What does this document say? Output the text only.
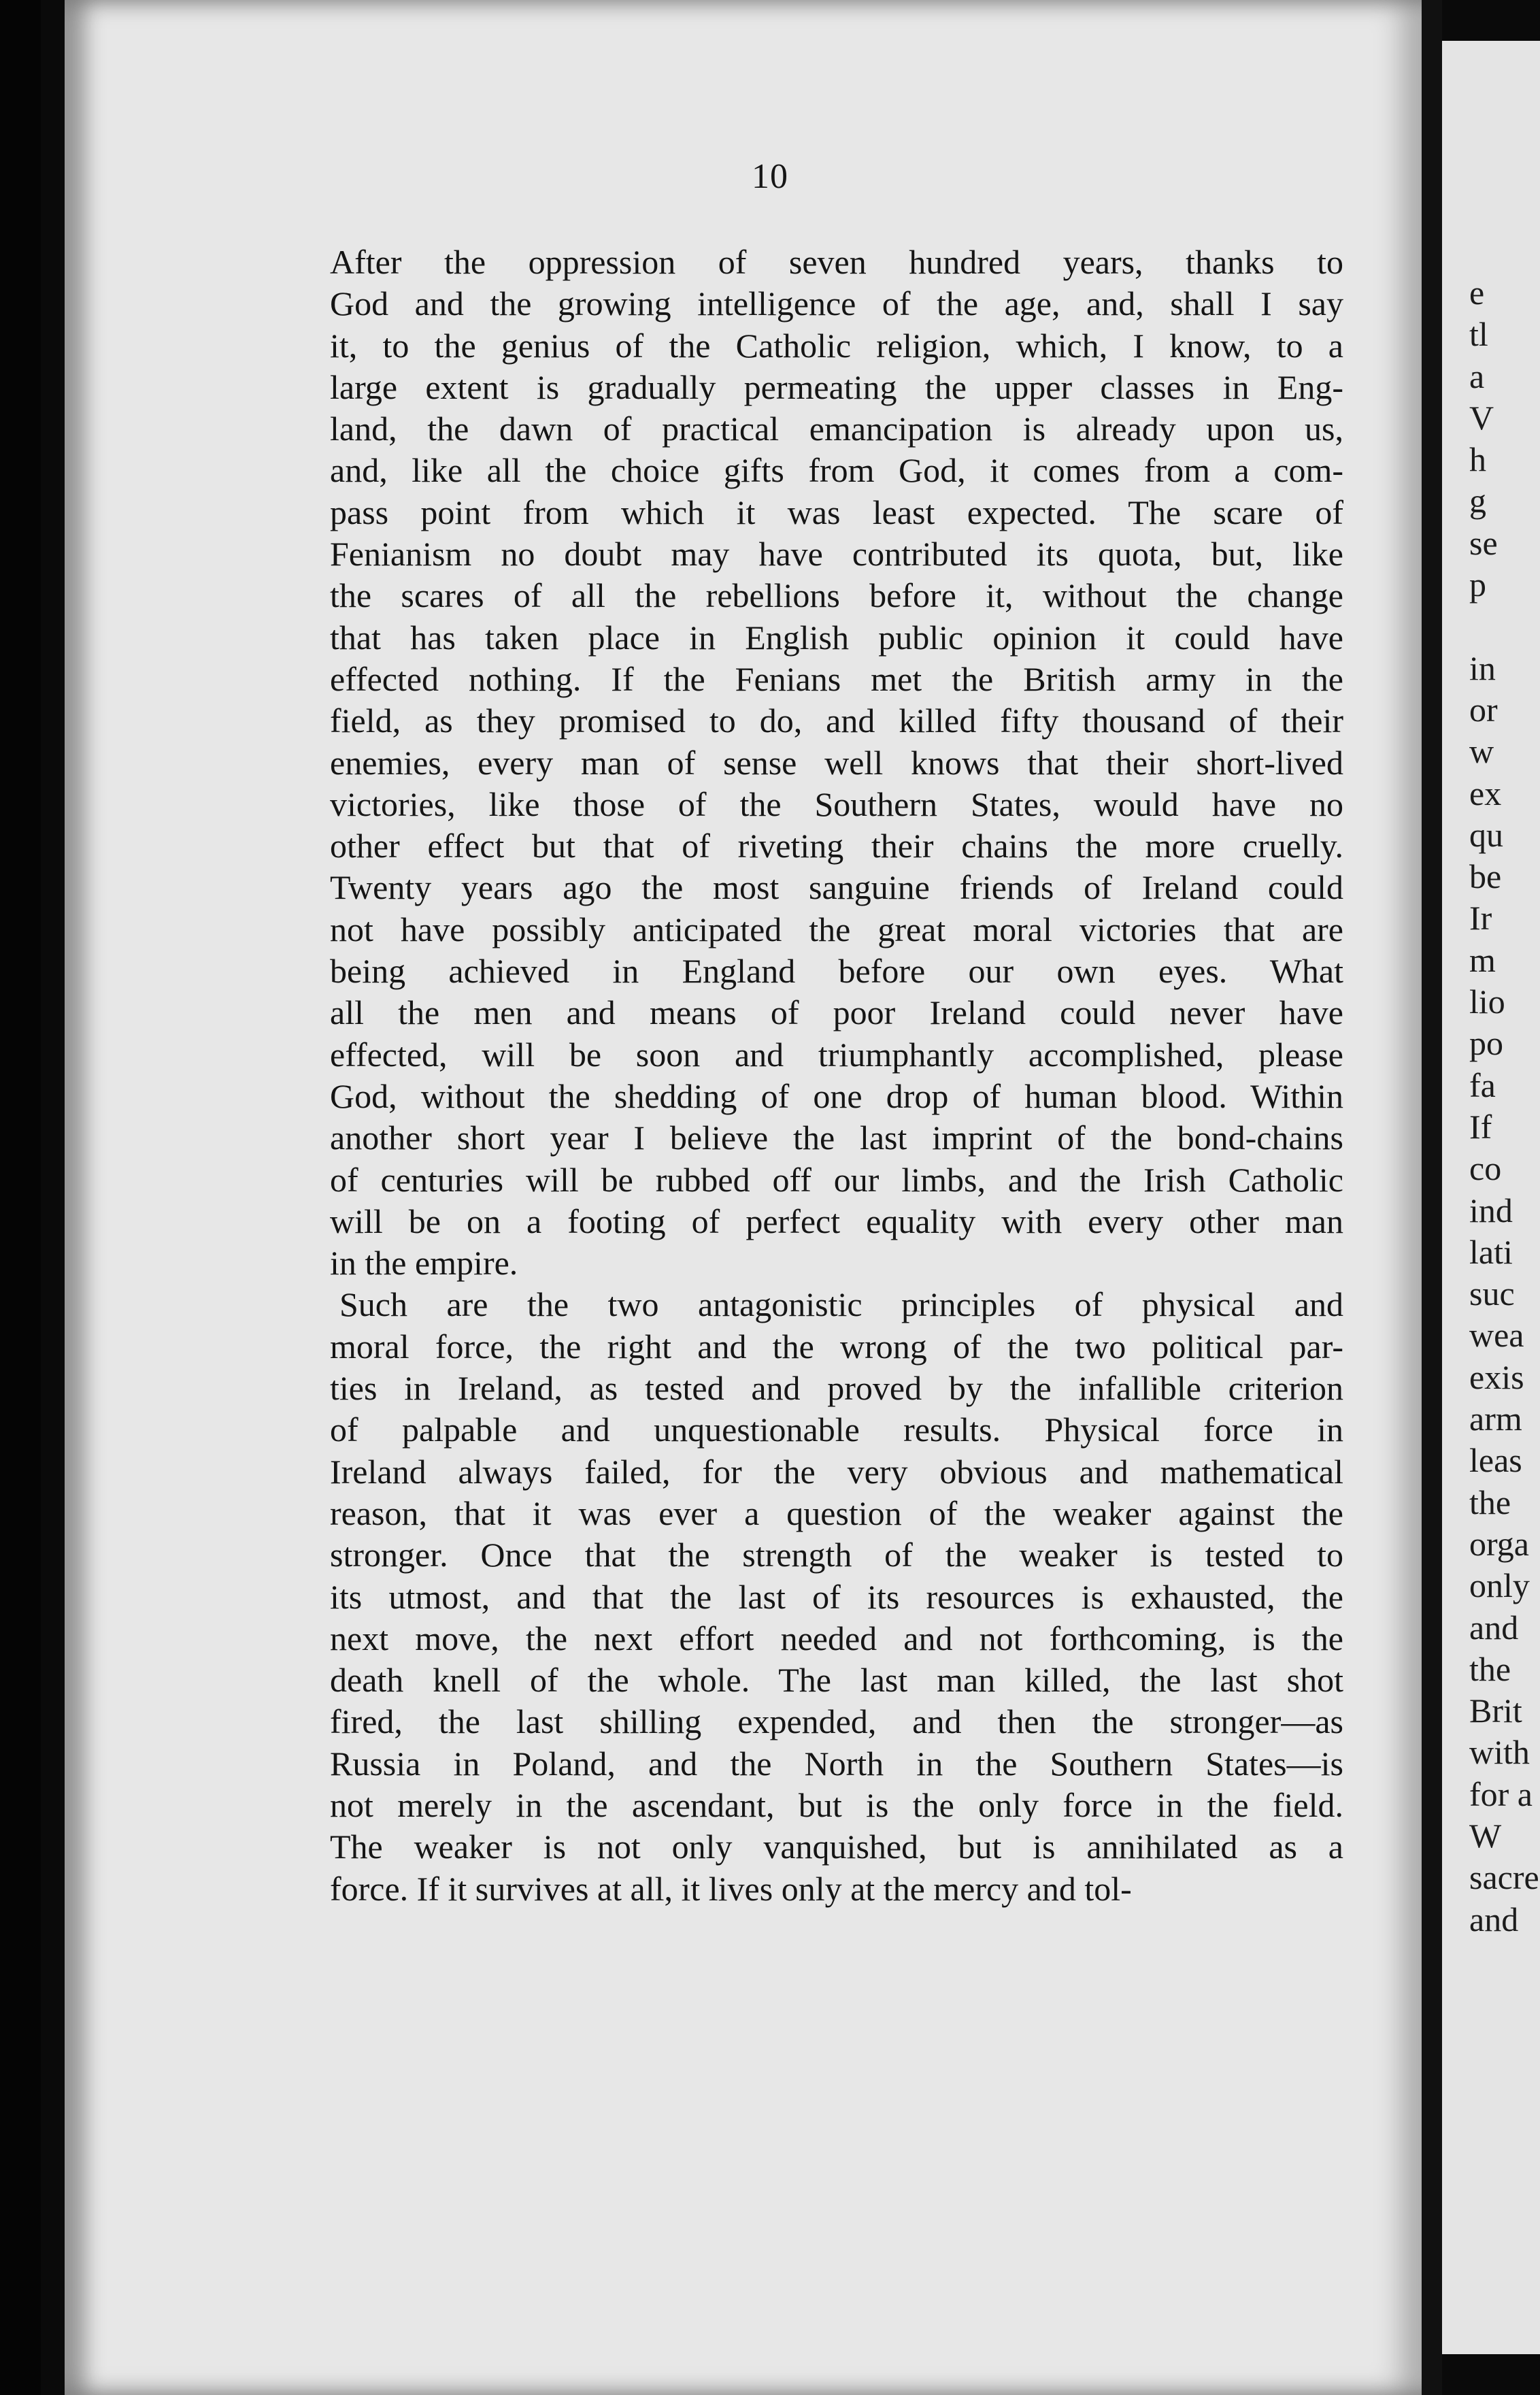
e
tl
a
V
h
g
se
p

in
or
w
ex
qu
be
Ir
m
lio
po
fa
If
co
ind
lati
suc
wea
exis
arm
leas
the
orga
only
and
the
Brit
with
for a
W
sacre
and
10
After the oppression of seven hundred years, thanks to
God and the growing intelligence of the age, and, shall I say
it, to the genius of the Catholic religion, which, I know, to a
large extent is gradually permeating the upper classes in Eng-
land, the dawn of practical emancipation is already upon us,
and, like all the choice gifts from God, it comes from a com-
pass point from which it was least expected. The scare of
Fenianism no doubt may have contributed its quota, but, like
the scares of all the rebellions before it, without the change
that has taken place in English public opinion it could have
effected nothing. If the Fenians met the British army in the
field, as they promised to do, and killed fifty thousand of their
enemies, every man of sense well knows that their short-lived
victories, like those of the Southern States, would have no
other effect but that of riveting their chains the more cruelly.
Twenty years ago the most sanguine friends of Ireland could
not have possibly anticipated the great moral victories that are
being achieved in England before our own eyes. What
all the men and means of poor Ireland could never have
effected, will be soon and triumphantly accomplished, please
God, without the shedding of one drop of human blood. Within
another short year I believe the last imprint of the bond-chains
of centuries will be rubbed off our limbs, and the Irish Catholic
will be on a footing of perfect equality with every other man
in the empire.
Such are the two antagonistic principles of physical and
moral force, the right and the wrong of the two political par-
ties in Ireland, as tested and proved by the infallible criterion
of palpable and unquestionable results. Physical force in
Ireland always failed, for the very obvious and mathematical
reason, that it was ever a question of the weaker against the
stronger. Once that the strength of the weaker is tested to
its utmost, and that the last of its resources is exhausted, the
next move, the next effort needed and not forthcoming, is the
death knell of the whole. The last man killed, the last shot
fired, the last shilling expended, and then the stronger—as
Russia in Poland, and the North in the Southern States—is
not merely in the ascendant, but is the only force in the field.
The weaker is not only vanquished, but is annihilated as a
force. If it survives at all, it lives only at the mercy and tol-
